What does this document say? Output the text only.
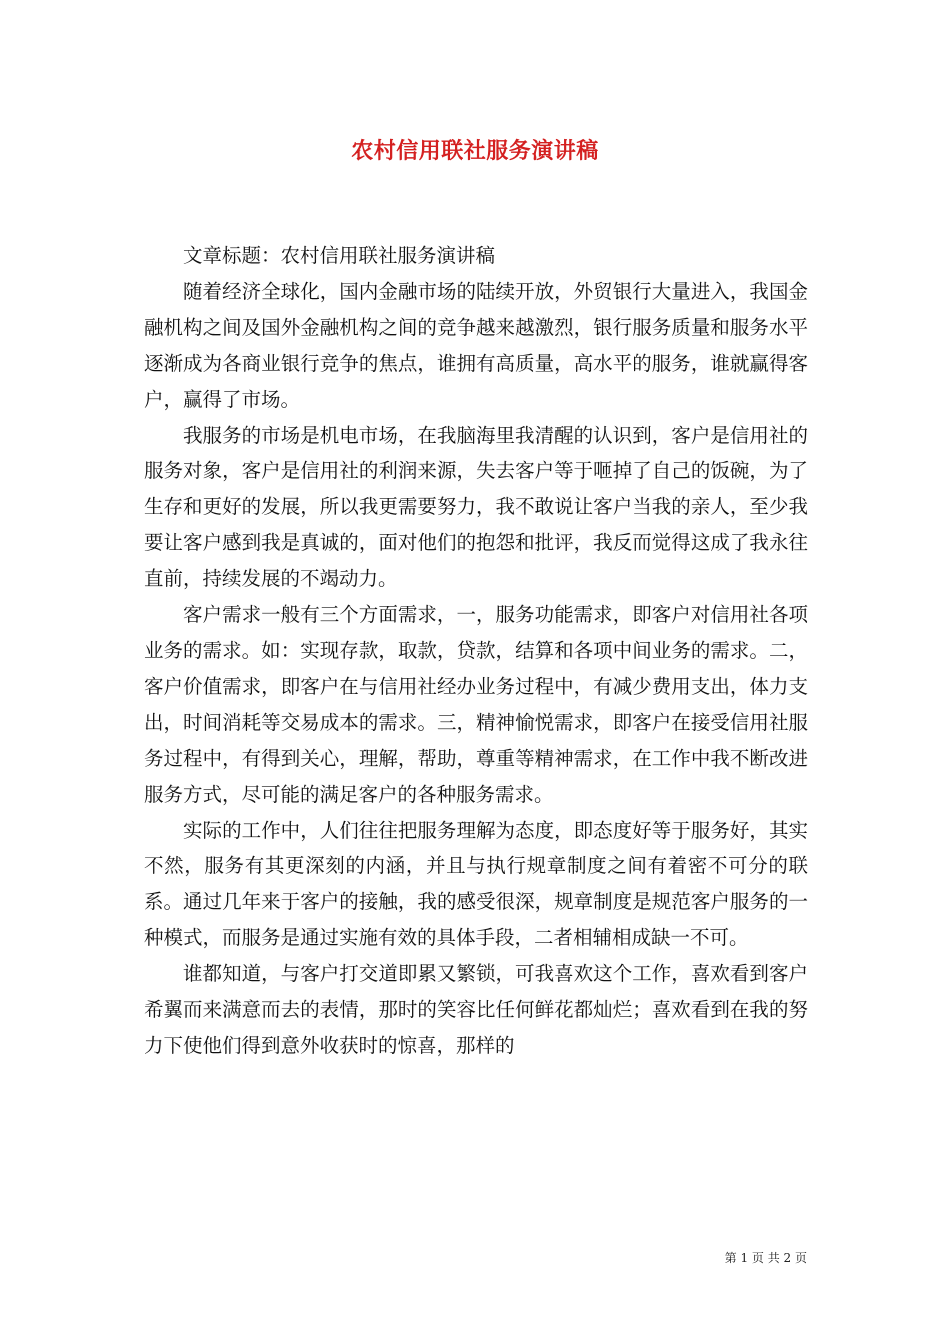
农村信用联社服务演讲稿

文章标题：农村信用联社服务演讲稿

随着经济全球化，国内金融市场的陆续开放，外贸银行大量进入，我国金融机构之间及国外金融机构之间的竞争越来越激烈，银行服务质量和服务水平逐渐成为各商业银行竞争的焦点，谁拥有高质量，高水平的服务，谁就赢得客户，赢得了市场。

我服务的市场是机电市场，在我脑海里我清醒的认识到，客户是信用社的服务对象，客户是信用社的利润来源，失去客户等于咂掉了自己的饭碗，为了生存和更好的发展，所以我更需要努力，我不敢说让客户当我的亲人，至少我要让客户感到我是真诚的，面对他们的抱怨和批评，我反而觉得这成了我永往直前，持续发展的不竭动力。

客户需求一般有三个方面需求，一，服务功能需求，即客户对信用社各项业务的需求。如：实现存款，取款，贷款，结算和各项中间业务的需求。二，客户价值需求，即客户在与信用社经办业务过程中，有减少费用支出，体力支出，时间消耗等交易成本的需求。三，精神愉悦需求，即客户在接受信用社服务过程中，有得到关心，理解，帮助，尊重等精神需求，在工作中我不断改进服务方式，尽可能的满足客户的各种服务需求。

实际的工作中，人们往往把服务理解为态度，即态度好等于服务好，其实不然，服务有其更深刻的内涵，并且与执行规章制度之间有着密不可分的联系。通过几年来于客户的接触，我的感受很深，规章制度是规范客户服务的一种模式，而服务是通过实施有效的具体手段，二者相辅相成缺一不可。

谁都知道，与客户打交道即累又繁锁，可我喜欢这个工作，喜欢看到客户希翼而来满意而去的表情，那时的笑容比任何鲜花都灿烂；喜欢看到在我的努力下使他们得到意外收获时的惊喜，那样的

第 1 页 共 2 页
